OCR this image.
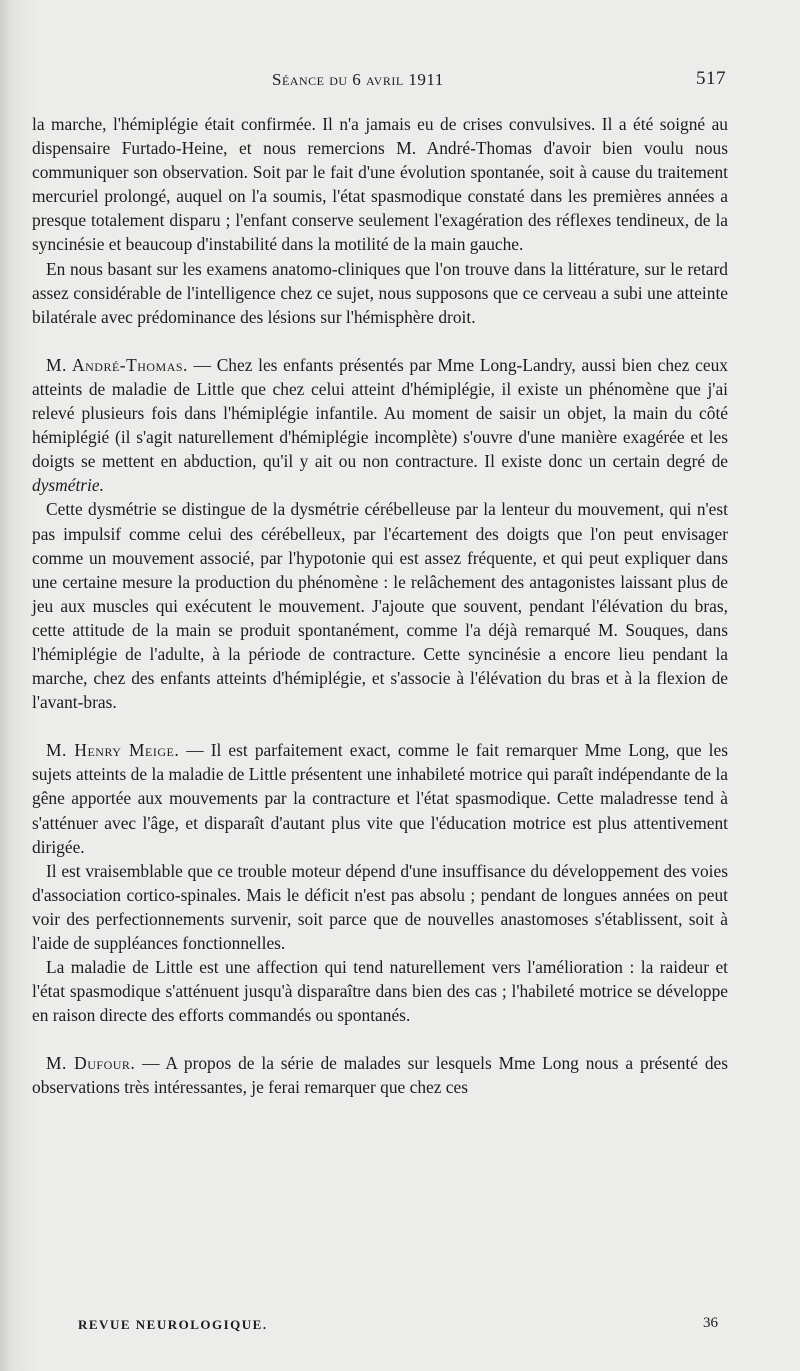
Séance du 6 avril 1911	517

la marche, l'hémiplégie était confirmée. Il n'a jamais eu de crises convulsives. Il a été soigné au dispensaire Furtado-Heine, et nous remercions M. André-Thomas d'avoir bien voulu nous communiquer son observation. Soit par le fait d'une évolution spontanée, soit à cause du traitement mercuriel prolongé, auquel on l'a soumis, l'état spasmodique constaté dans les premières années a presque totalement disparu ; l'enfant conserve seulement l'exagération des réflexes tendineux, de la syncinésie et beaucoup d'instabilité dans la motilité de la main gauche.

En nous basant sur les examens anatomo-cliniques que l'on trouve dans la littérature, sur le retard assez considérable de l'intelligence chez ce sujet, nous supposons que ce cerveau a subi une atteinte bilatérale avec prédominance des lésions sur l'hémisphère droit.

M. André-Thomas. — Chez les enfants présentés par Mme Long-Landry, aussi bien chez ceux atteints de maladie de Little que chez celui atteint d'hémiplégie, il existe un phénomène que j'ai relevé plusieurs fois dans l'hémiplégie infantile. Au moment de saisir un objet, la main du côté hémiplégié (il s'agit naturellement d'hémiplégie incomplète) s'ouvre d'une manière exagérée et les doigts se mettent en abduction, qu'il y ait ou non contracture. Il existe donc un certain degré de dysmétrie.

Cette dysmétrie se distingue de la dysmétrie cérébelleuse par la lenteur du mouvement, qui n'est pas impulsif comme celui des cérébelleux, par l'écartement des doigts que l'on peut envisager comme un mouvement associé, par l'hypotonie qui est assez fréquente, et qui peut expliquer dans une certaine mesure la production du phénomène : le relâchement des antagonistes laissant plus de jeu aux muscles qui exécutent le mouvement. J'ajoute que souvent, pendant l'élévation du bras, cette attitude de la main se produit spontanément, comme l'a déjà remarqué M. Souques, dans l'hémiplégie de l'adulte, à la période de contracture. Cette syncinésie a encore lieu pendant la marche, chez des enfants atteints d'hémiplégie, et s'associe à l'élévation du bras et à la flexion de l'avant-bras.

M. Henry Meige. — Il est parfaitement exact, comme le fait remarquer Mme Long, que les sujets atteints de la maladie de Little présentent une inhabileté motrice qui paraît indépendante de la gêne apportée aux mouvements par la contracture et l'état spasmodique. Cette maladresse tend à s'atténuer avec l'âge, et disparaît d'autant plus vite que l'éducation motrice est plus attentivement dirigée.

Il est vraisemblable que ce trouble moteur dépend d'une insuffisance du développement des voies d'association cortico-spinales. Mais le déficit n'est pas absolu ; pendant de longues années on peut voir des perfectionnements survenir, soit parce que de nouvelles anastomoses s'établissent, soit à l'aide de suppléances fonctionnelles.

La maladie de Little est une affection qui tend naturellement vers l'amélioration : la raideur et l'état spasmodique s'atténuent jusqu'à disparaître dans bien des cas ; l'habileté motrice se développe en raison directe des efforts commandés ou spontanés.

M. Dufour. — A propos de la série de malades sur lesquels Mme Long nous a présenté des observations très intéressantes, je ferai remarquer que chez ces

REVUE NEUROLOGIQUE.	36
